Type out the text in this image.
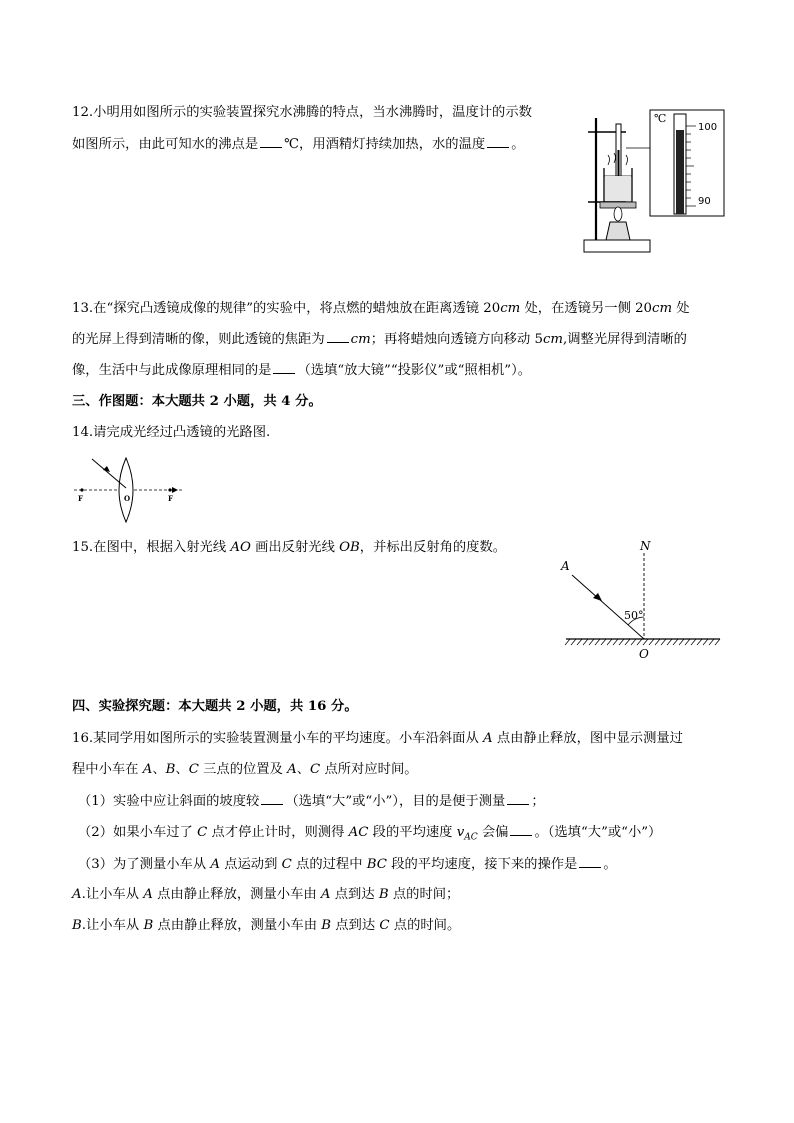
12.小明用如图所示的实验装置探究水沸腾的特点，当水沸腾时，温度计的示数
如图所示，由此可知水的沸点是 ℃，用酒精灯持续加热，水的温度 。
℃
100
90
13.在“探究凸透镜成像的规律”的实验中，将点燃的蜡烛放在距离透镜 20cm 处，在透镜另一侧 20cm 处
的光屏上得到清晰的像，则此透镜的焦距为 cm；再将蜡烛向透镜方向移动 5cm,调整光屏得到清晰的
像，生活中与此成像原理相同的是 （选填“放大镜”“投影仪”或“照相机”）。
三、作图题：本大题共 2 小题，共 4 分。
14.请完成光经过凸透镜的光路图.
F	F
O
15.在图中，根据入射光线 AO 画出反射光线 OB，并标出反射角的度数。	N
A
50°
O
四、实验探究题：本大题共 2 小题，共 16 分。
16.某同学用如图所示的实验装置测量小车的平均速度。小车沿斜面从 A 点由静止释放，图中显示测量过
程中小车在 A、B、C 三点的位置及 A、C 点所对应时间。
（1）实验中应让斜面的坡度较 （选填“大”或“小”），目的是便于测量 ；
（2）如果小车过了 C 点才停止计时，则测得 AC 段的平均速度 $v_{AC}$ 会偏 。（选填“大”或“小”）
（3）为了测量小车从 A 点运动到 C 点的过程中 BC 段的平均速度，接下来的操作是 。
A.让小车从 A 点由静止释放，测量小车由 A 点到达 B 点的时间；
B.让小车从 B 点由静止释放，测量小车由 B 点到达 C 点的时间。
